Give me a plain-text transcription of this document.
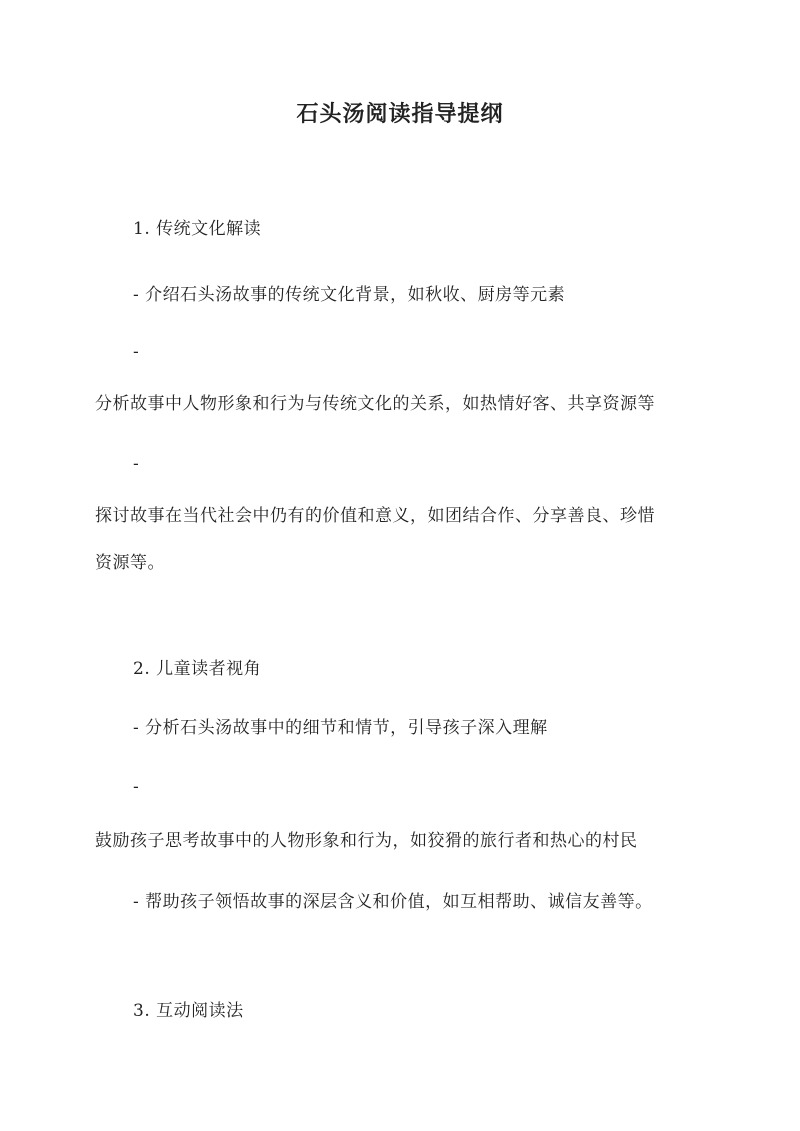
石头汤阅读指导提纲

1. 传统文化解读

- 介绍石头汤故事的传统文化背景，如秋收、厨房等元素

-

分析故事中人物形象和行为与传统文化的关系，如热情好客、共享资源等

-

探讨故事在当代社会中仍有的价值和意义，如团结合作、分享善良、珍惜

资源等。

2. 儿童读者视角

- 分析石头汤故事中的细节和情节，引导孩子深入理解

-

鼓励孩子思考故事中的人物形象和行为，如狡猾的旅行者和热心的村民

- 帮助孩子领悟故事的深层含义和价值，如互相帮助、诚信友善等。

3. 互动阅读法
